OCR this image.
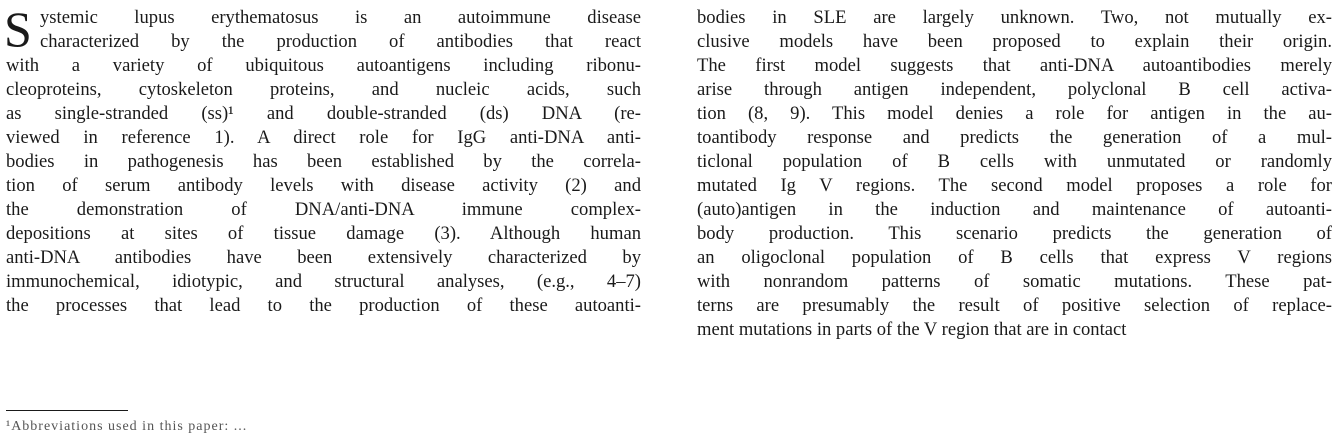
S ystemic lupus erythematosus is an autoimmune disease
characterized by the production of antibodies that react
with a variety of ubiquitous autoantigens including ribonu-
cleoproteins, cytoskeleton proteins, and nucleic acids, such
as single-stranded (ss)¹ and double-stranded (ds) DNA (re-
viewed in reference 1). A direct role for IgG anti-DNA anti-
bodies in pathogenesis has been established by the correla-
tion of serum antibody levels with disease activity (2) and
the demonstration of DNA/anti-DNA immune complex-
depositions at sites of tissue damage (3). Although human
anti-DNA antibodies have been extensively characterized by
immunochemical, idiotypic, and structural analyses, (e.g., 4–7)
the processes that lead to the production of these autoanti-
¹Abbreviations used in this paper: ...
bodies in SLE are largely unknown. Two, not mutually ex-
clusive models have been proposed to explain their origin.
The first model suggests that anti-DNA autoantibodies merely
arise through antigen independent, polyclonal B cell activa-
tion (8, 9). This model denies a role for antigen in the au-
toantibody response and predicts the generation of a mul-
ticlonal population of B cells with unmutated or randomly
mutated Ig V regions. The second model proposes a role for
(auto)antigen in the induction and maintenance of autoanti-
body production. This scenario predicts the generation of
an oligoclonal population of B cells that express V regions
with nonrandom patterns of somatic mutations. These pat-
terns are presumably the result of positive selection of replace-
ment mutations in parts of the V region that are in contact
